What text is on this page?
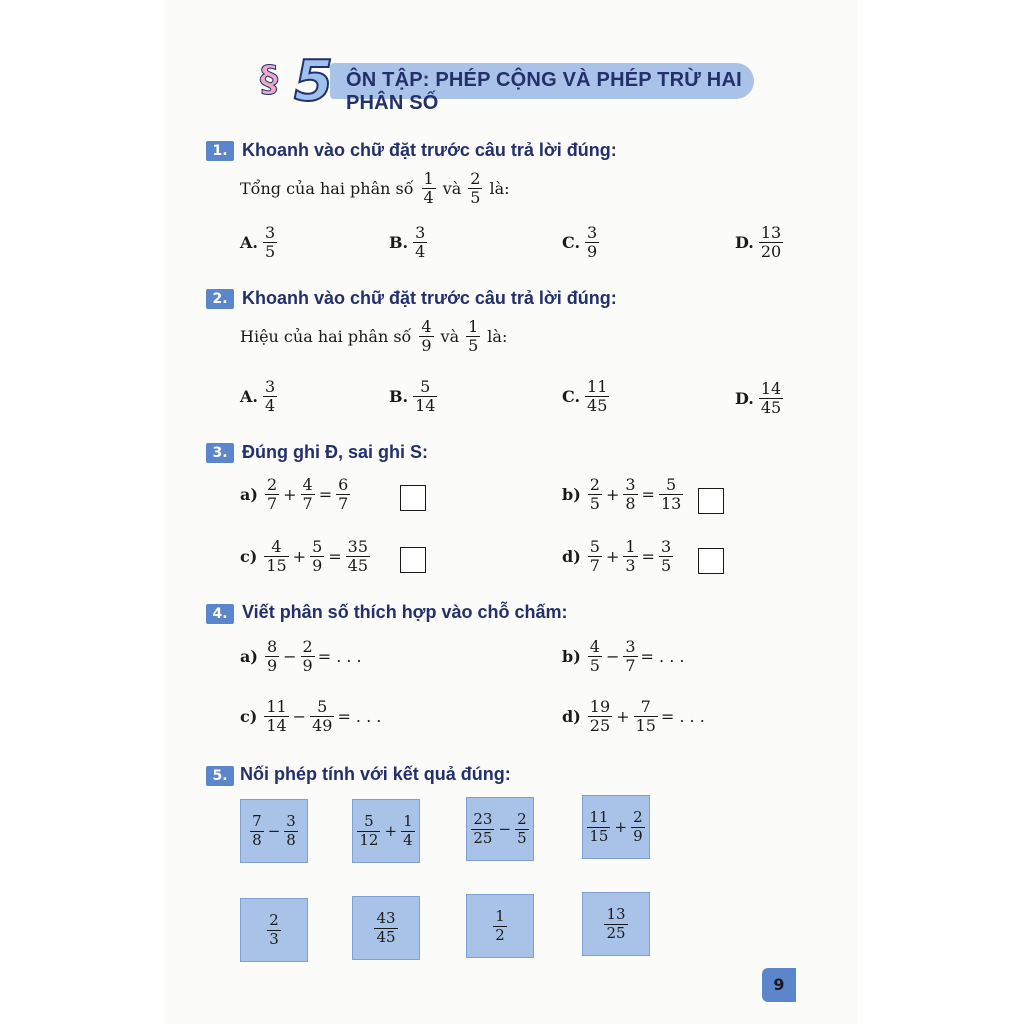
§ 5 ÔN TẬP: PHÉP CỘNG VÀ PHÉP TRỪ HAI PHÂN SỐ
1. Khoanh vào chữ đặt trước câu trả lời đúng:
Tổng của hai phân số $\frac{1}{4}$ và $\frac{2}{5}$ là:
A. $\frac{3}{5}$	B. $\frac{3}{4}$	C. $\frac{3}{9}$	D. $\frac{13}{20}$
2. Khoanh vào chữ đặt trước câu trả lời đúng:
Hiệu của hai phân số $\frac{4}{9}$ và $\frac{1}{5}$ là:
A. $\frac{3}{4}$	B. $\frac{5}{14}$	C. $\frac{11}{45}$	D. $\frac{14}{45}$
3. Đúng ghi Đ, sai ghi S:
$a) \frac{2}{7} + \frac{4}{7} = \frac{6}{7}$	$b) \frac{2}{5} + \frac{3}{8} = \frac{5}{13}$
$c) \frac{4}{15} + \frac{5}{9} = \frac{35}{45}$	$d) \frac{5}{7} + \frac{1}{3} = \frac{3}{5}$
4. Viết phân số thích hợp vào chỗ chấm:
$a) \frac{8}{9} - \frac{2}{9}$ = . . .	$b) \frac{4}{5} - \frac{3}{7}$ = . . .
$c) \frac{11}{14} - \frac{5}{49}$ = . . .	$d) \frac{19}{25} + \frac{7}{15}$ = . . .
5. Nối phép tính với kết quả đúng:
$\frac{7}{8} - \frac{3}{8}$	$\frac{5}{12} + \frac{1}{4}$	$\frac{23}{25} - \frac{2}{5}$	$\frac{11}{15} + \frac{2}{9}$
$\frac{2}{3}$	$\frac{43}{45}$	$\frac{1}{2}$	$\frac{13}{25}$
9
